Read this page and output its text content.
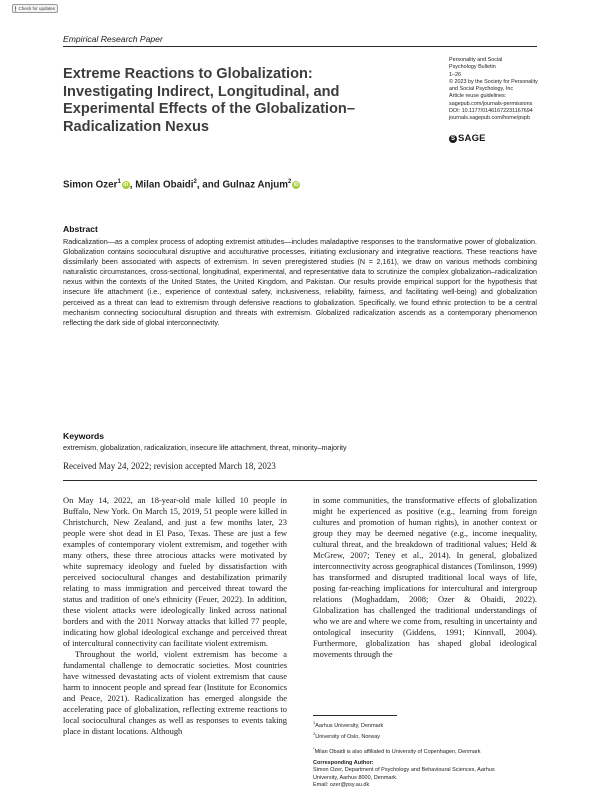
Check for updates
Empirical Research Paper
Extreme Reactions to Globalization: Investigating Indirect, Longitudinal, and Experimental Effects of the Globalization–Radicalization Nexus
Personality and Social
Psychology Bulletin
1–26
© 2023 by the Society for Personality
and Social Psychology, Inc
Article reuse guidelines:
sagepub.com/journals-permissions
DOI: 10.1177/01461672231167694
journals.sagepub.com/home/pspb
S SAGE
Simon Ozer$^1$iD , Milan Obaidi$^2$, and Gulnaz Anjum$^2$iD
Abstract

Radicalization—as a complex process of adopting extremist attitudes—includes maladaptive responses to the transformative power of globalization. Globalization contains sociocultural disruptive and acculturative processes, initiating exclusionary and integrative reactions. These reactions have dissimilarly been associated with aspects of extremism. In seven preregistered studies (N = 2,161), we draw on various methods combining naturalistic circumstances, cross-sectional, longitudinal, experimental, and representative data to scrutinize the complex globalization–radicalization nexus within the contexts of the United States, the United Kingdom, and Pakistan. Our results provide empirical support for the hypothesis that insecure life attachment (i.e., experience of contextual safety, inclusiveness, reliability, fairness, and facilitating well-being) and globalization perceived as a threat can lead to extremism through defensive reactions to globalization. Specifically, we found ethnic protection to be a central mechanism connecting sociocultural disruption and threats with extremism. Globalized radicalization ascends as a contemporary phenomenon reflecting the dark side of global interconnectivity.

Keywords
extremism, globalization, radicalization, insecure life attachment, threat, minority–majority
Received May 24, 2022; revision accepted March 18, 2023

On May 14, 2022, an 18-year-old male killed 10 people in Buffalo, New York. On March 15, 2019, 51 people were killed in Christchurch, New Zealand, and just a few months later, 23 people were shot dead in El Paso, Texas. These are just a few examples of contemporary violent extremism, and together with many others, these three atrocious attacks were motivated by white supremacy ideology and fueled by dissatisfaction with perceived sociocultural changes and destabilization primarily relating to mass immigration and perceived threat toward the status and tradition of one's ethnicity (Feuer, 2022). In addition, these violent attacks were ideologically linked across national borders and with the 2011 Norway attacks that killed 77 people, indicating how global ideological exchange and perceived threat of intercultural connectivity can facilitate violent extremism.

Throughout the world, violent extremism has become a fundamental challenge to democratic societies. Most countries have witnessed devastating acts of violent extremism that cause harm to innocent people and spread fear (Institute for Economics and Peace, 2021). Radicalization has emerged alongside the accelerating pace of globalization, reflecting extreme reactions to local sociocultural changes as well as responses to events taking place in distant locations. Although

in some communities, the transformative effects of globalization might be experienced as positive (e.g., learning from foreign cultures and promotion of human rights), in another context or group they may be deemed negative (e.g., income inequality, cultural threat, and the breakdown of traditional values; Held & McGrew, 2007; Teney et al., 2014). In general, globalized interconnectivity across geographical distances (Tomlinson, 1999) has transformed and disrupted traditional local ways of life, posing far-reaching implications for intercultural and intergroup relations (Moghaddam, 2008; Ozer & Obaidi, 2022). Globalization has challenged the traditional understandings of who we are and where we come from, resulting in uncertainty and ontological insecurity (Giddens, 1991; Kinnvall, 2004). Furthermore, globalization has shaped global ideological movements through the

$^1$Aarhus University, Denmark
$^2$University of Oslo, Norway
*Milan Obaidi is also affiliated to University of Copenhagen, Denmark
Corresponding Author:
Simon Ozer, Department of Psychology and Behavioural Sciences, Aarhus
University, Aarhus 8000, Denmark.
Email: ozer@psy.au.dk
